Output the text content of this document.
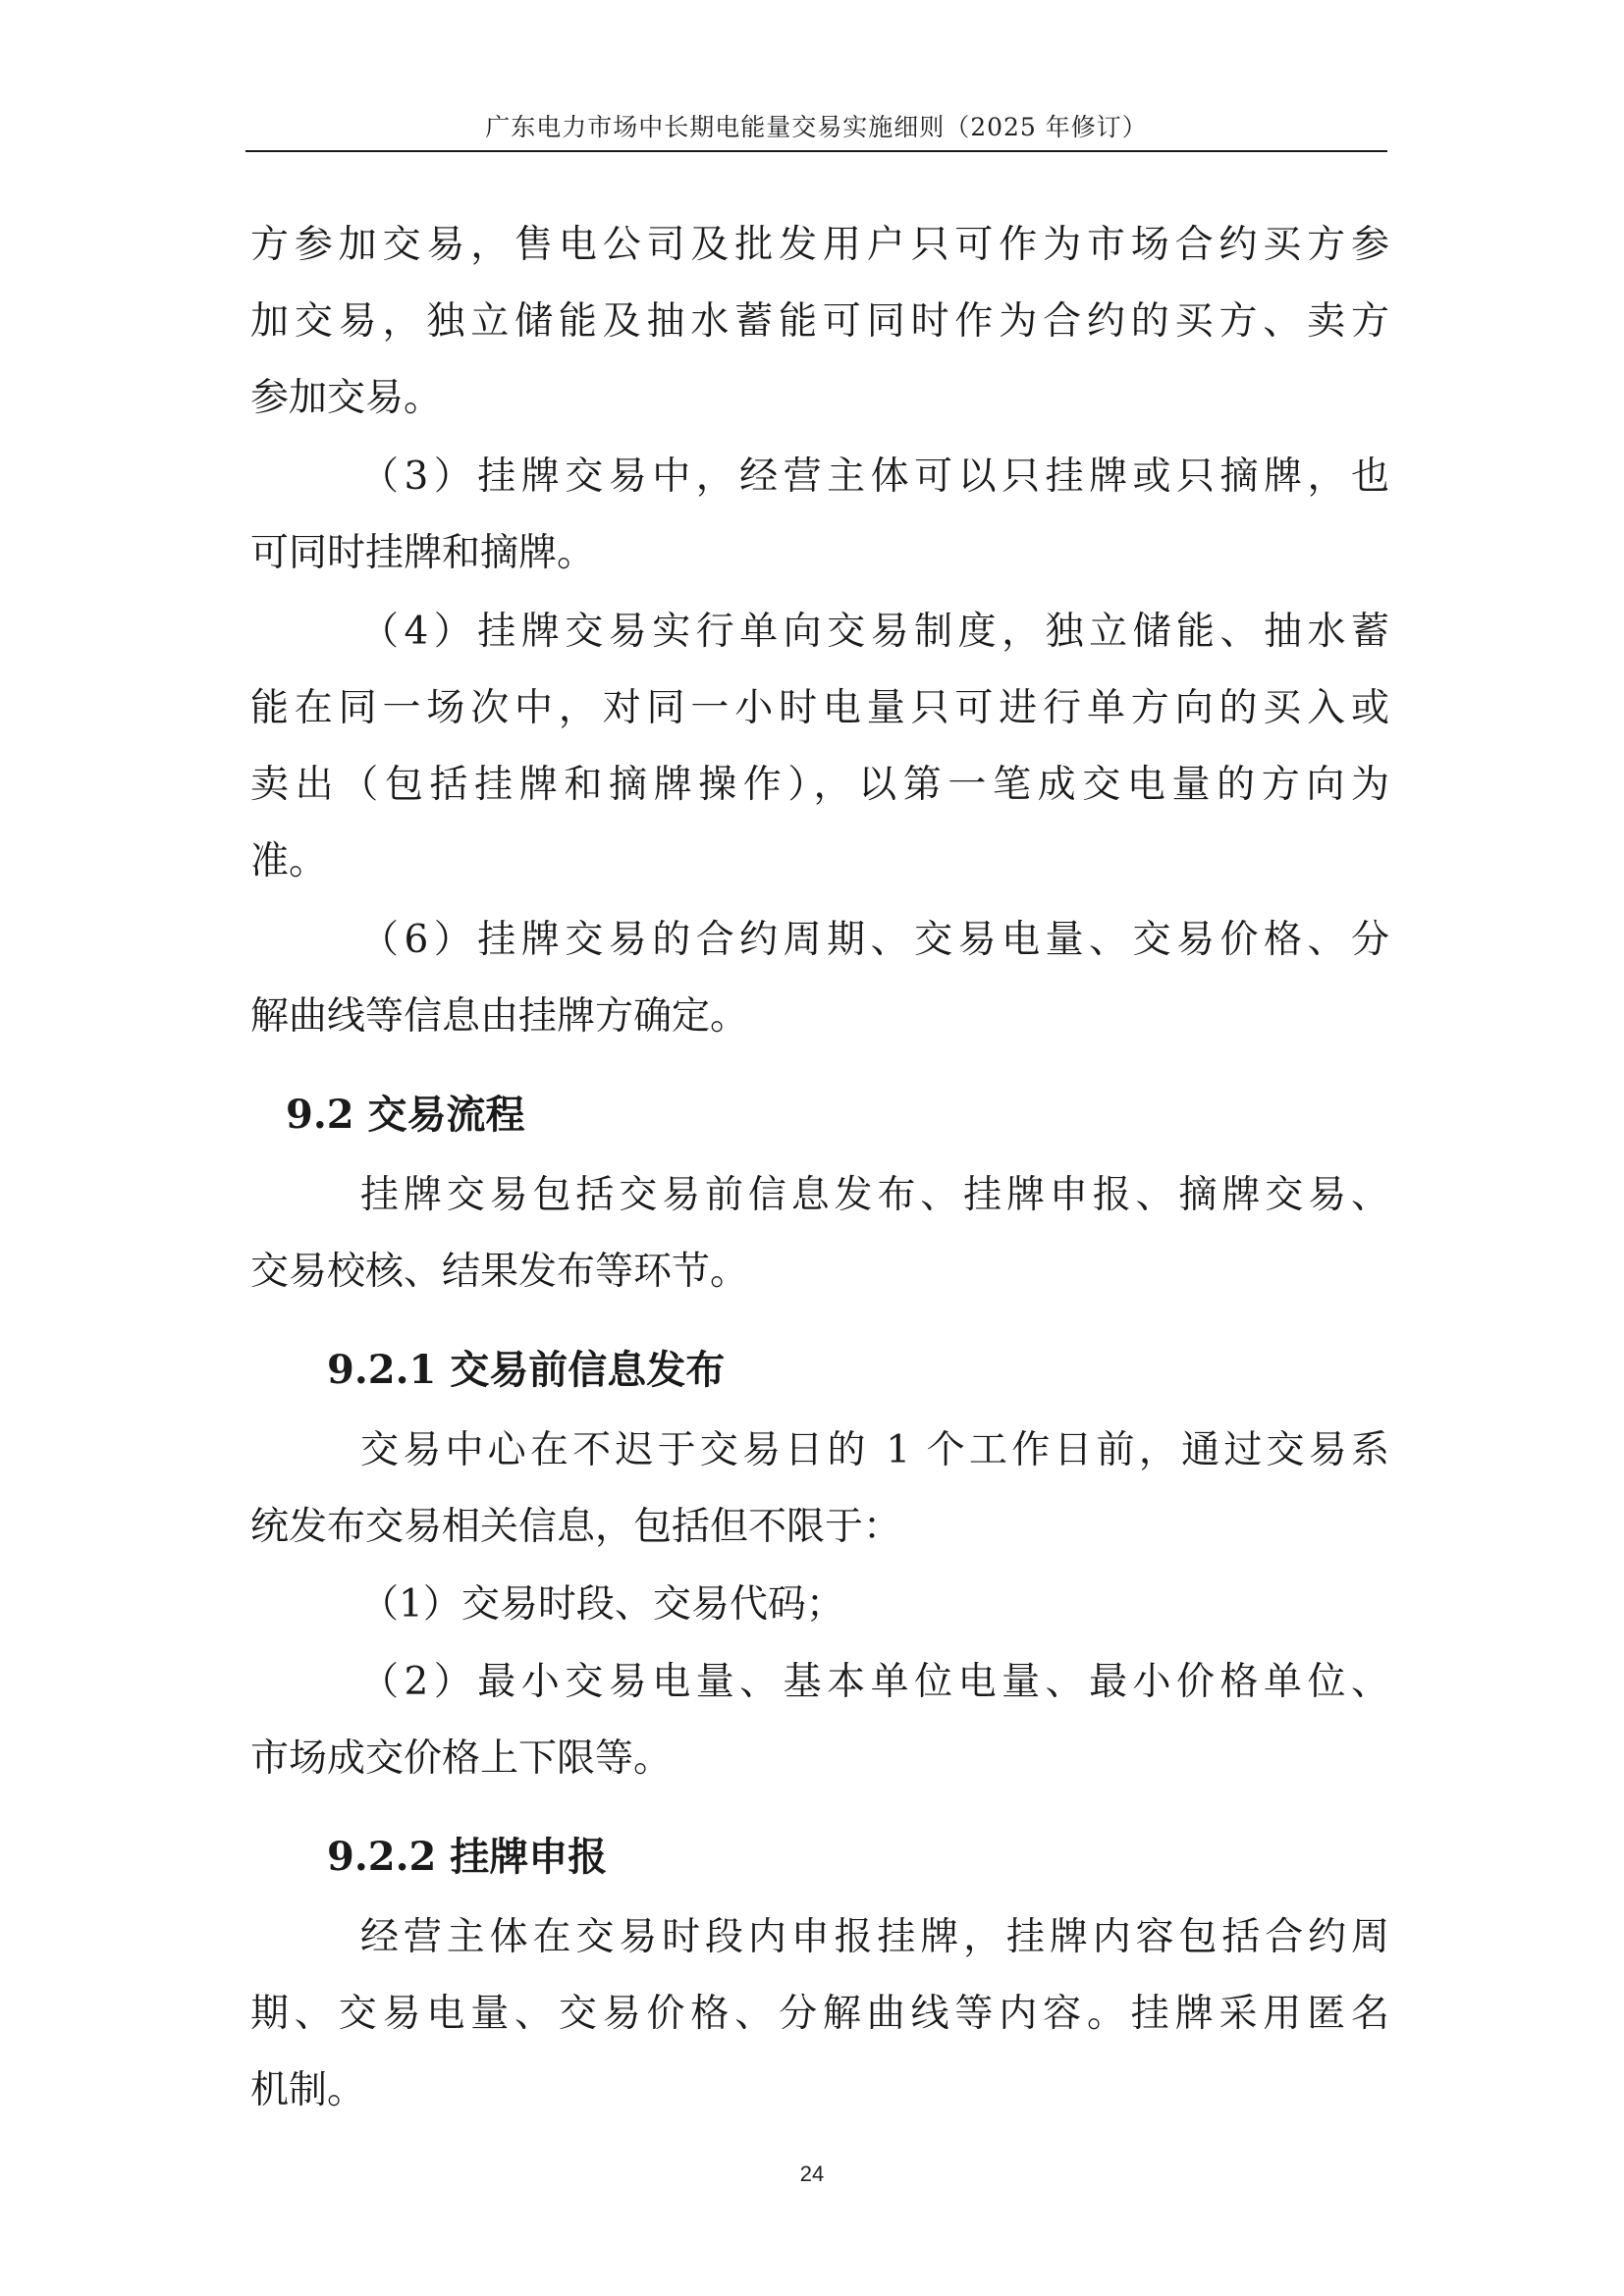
广东电力市场中长期电能量交易实施细则（2025 年修订）
方参加交易，售电公司及批发用户只可作为市场合约买方参
加交易，独立储能及抽水蓄能可同时作为合约的买方、卖方
参加交易。
（3）挂牌交易中，经营主体可以只挂牌或只摘牌，也
可同时挂牌和摘牌。
（4）挂牌交易实行单向交易制度，独立储能、抽水蓄
能在同一场次中，对同一小时电量只可进行单方向的买入或
卖出（包括挂牌和摘牌操作），以第一笔成交电量的方向为
准。
（6）挂牌交易的合约周期、交易电量、交易价格、分
解曲线等信息由挂牌方确定。
9.2 交易流程
挂牌交易包括交易前信息发布、挂牌申报、摘牌交易、
交易校核、结果发布等环节。
9.2.1 交易前信息发布
交易中心在不迟于交易日的 1 个工作日前，通过交易系
统发布交易相关信息，包括但不限于：
（1）交易时段、交易代码；
（2）最小交易电量、基本单位电量、最小价格单位、
市场成交价格上下限等。
9.2.2 挂牌申报
经营主体在交易时段内申报挂牌，挂牌内容包括合约周
期、交易电量、交易价格、分解曲线等内容。挂牌采用匿名
机制。
24
